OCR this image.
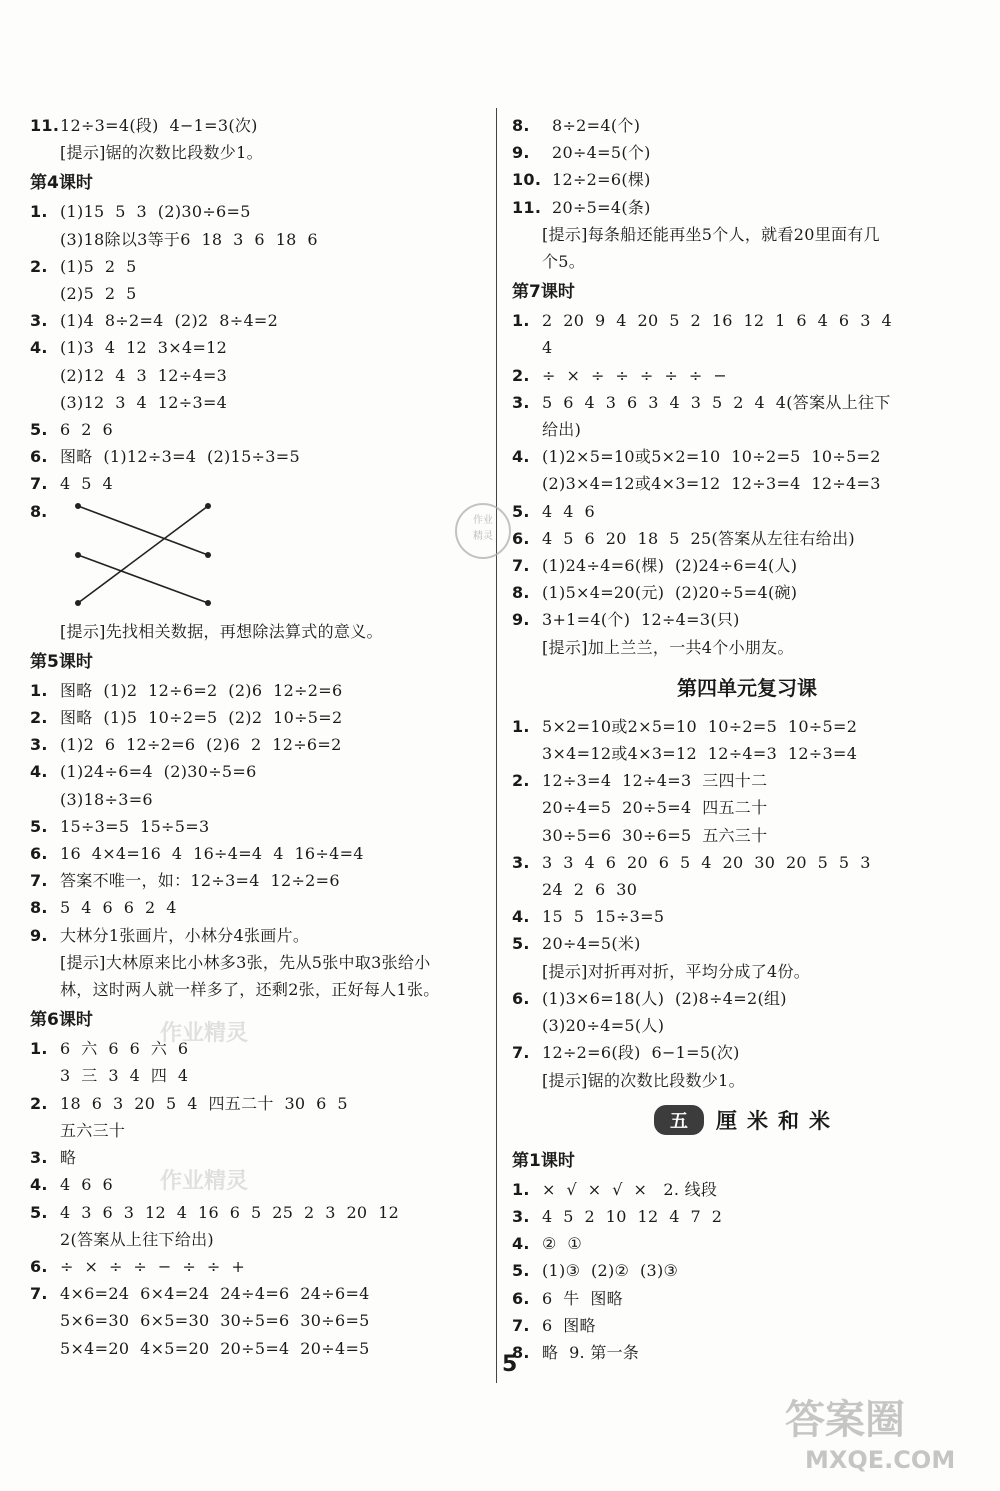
11.12÷3=4(段)  4−1=3(次)
[提示]锯的次数比段数少1。
第4课时
1. (1)15  5  3  (2)30÷6=5
(3)18除以3等于6  18  3  6  18  6
2. (1)5  2  5
(2)5  2  5
3. (1)4  8÷2=4  (2)2  8÷4=2
4. (1)3  4  12  3×4=12
(2)12  4  3  12÷4=3
(3)12  3  4  12÷3=4
5. 6  2  6
6. 图略  (1)12÷3=4  (2)15÷3=5
7. 4  5  4
8.
[提示]先找相关数据，再想除法算式的意义。
第5课时
1. 图略  (1)2  12÷6=2  (2)6  12÷2=6
2. 图略  (1)5  10÷2=5  (2)2  10÷5=2
3. (1)2  6  12÷2=6  (2)6  2  12÷6=2
4. (1)24÷6=4  (2)30÷5=6
(3)18÷3=6
5. 15÷3=5  15÷5=3
6. 16  4×4=16  4  16÷4=4  4  16÷4=4
7. 答案不唯一，如：12÷3=4  12÷2=6
8. 5  4  6  6  2  4
9. 大林分1张画片，小林分4张画片。
[提示]大林原来比小林多3张，先从5张中取3张给小
林，这时两人就一样多了，还剩2张，正好每人1张。
第6课时
1. 6  六  6  6  六  6
3  三  3  4  四  4
2. 18  6  3  20  5  4  四五二十  30  6  5
五六三十
3. 略
4. 4  6  6
5. 4  3  6  3  12  4  16  6  5  25  2  3  20  12
2(答案从上往下给出)
6. ÷  ×  ÷  ÷  −  ÷  ÷  +
7. 4×6=24  6×4=24  24÷4=6  24÷6=4
5×6=30  6×5=30  30÷5=6  30÷6=5
5×4=20  4×5=20  20÷5=4  20÷4=5
8. 8÷2=4(个)
9. 20÷4=5(个)
10. 12÷2=6(棵)
11. 20÷5=4(条)
[提示]每条船还能再坐5个人，就看20里面有几
个5。
第7课时
1. 2  20  9  4  20  5  2  16  12  1  6  4  6  3  4
4
2. ÷  ×  ÷  ÷  ÷  ÷  ÷  −
3. 5  6  4  3  6  3  4  3  5  2  4  4(答案从上往下
给出)
4. (1)2×5=10或5×2=10  10÷2=5  10÷5=2
(2)3×4=12或4×3=12  12÷3=4  12÷4=3
5. 4  4  6
6. 4  5  6  20  18  5  25(答案从左往右给出)
7. (1)24÷4=6(棵)  (2)24÷6=4(人)
8. (1)5×4=20(元)  (2)20÷5=4(碗)
9. 3+1=4(个)  12÷4=3(只)
[提示]加上兰兰，一共4个小朋友。
第四单元复习课
1. 5×2=10或2×5=10  10÷2=5  10÷5=2
3×4=12或4×3=12  12÷4=3  12÷3=4
2. 12÷3=4  12÷4=3  三四十二
20÷4=5  20÷5=4  四五二十
30÷5=6  30÷6=5  五六三十
3. 3  3  4  6  20  6  5  4  20  30  20  5  5  3
24  2  6  30
4. 15  5  15÷3=5
5. 20÷4=5(米)
[提示]对折再对折，平均分成了4份。
6. (1)3×6=18(人)  (2)8÷4=2(组)
(3)20÷4=5(人)
7. 12÷2=6(段)  6−1=5(次)
[提示]锯的次数比段数少1。
五	厘米和米
第1课时
1. ×  √  ×  √  ×   2. 线段
3. 4  5  2  10  12  4  7  2
4. ②  ①
5. (1)③  (2)②  (3)③
6. 6  牛  图略
7. 6  图略
8. 略  9. 第一条
作业
精灵
作业精灵
作业精灵
5
答案圈
MXQE.COM
